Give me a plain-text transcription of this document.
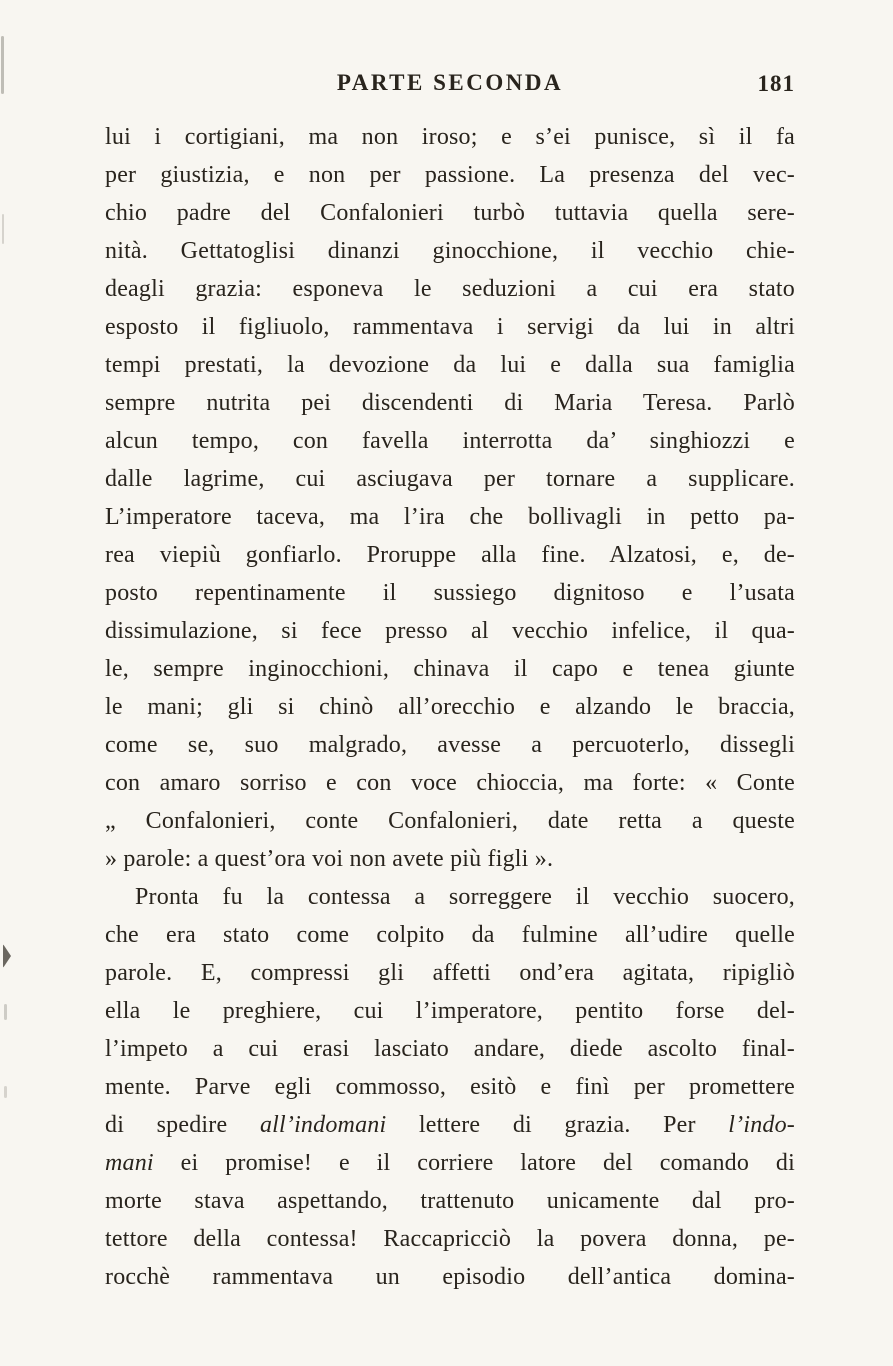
PARTE SECONDA	181
lui i cortigiani, ma non iroso; e s’ei punisce, sì il fa
per giustizia, e non per passione. La presenza del vec-
chio padre del Confalonieri turbò tuttavia quella sere-
nità. Gettatoglisi dinanzi ginocchione, il vecchio chie-
deagli grazia: esponeva le seduzioni a cui era stato
esposto il figliuolo, rammentava i servigi da lui in altri
tempi prestati, la devozione da lui e dalla sua famiglia
sempre nutrita pei discendenti di Maria Teresa. Parlò
alcun tempo, con favella interrotta da’ singhiozzi e
dalle lagrime, cui asciugava per tornare a supplicare.
L’imperatore taceva, ma l’ira che bollivagli in petto pa-
rea viepiù gonfiarlo. Proruppe alla fine. Alzatosi, e, de-
posto repentinamente il sussiego dignitoso e l’usata
dissimulazione, si fece presso al vecchio infelice, il qua-
le, sempre inginocchioni, chinava il capo e tenea giunte
le mani; gli si chinò all’orecchio e alzando le braccia,
come se, suo malgrado, avesse a percuoterlo, dissegli
con amaro sorriso e con voce chioccia, ma forte: « Conte
„ Confalonieri, conte Confalonieri, date retta a queste
» parole: a quest’ora voi non avete più figli ».
Pronta fu la contessa a sorreggere il vecchio suocero,
che era stato come colpito da fulmine all’udire quelle
parole. E, compressi gli affetti ond’era agitata, ripigliò
ella le preghiere, cui l’imperatore, pentito forse del-
l’impeto a cui erasi lasciato andare, diede ascolto final-
mente. Parve egli commosso, esitò e finì per promettere
di spedire all’indomani lettere di grazia. Per l’indo-
mani ei promise! e il corriere latore del comando di
morte stava aspettando, trattenuto unicamente dal pro-
tettore della contessa! Raccapricciò la povera donna, pe-
rocchè rammentava un episodio dell’antica domina-
